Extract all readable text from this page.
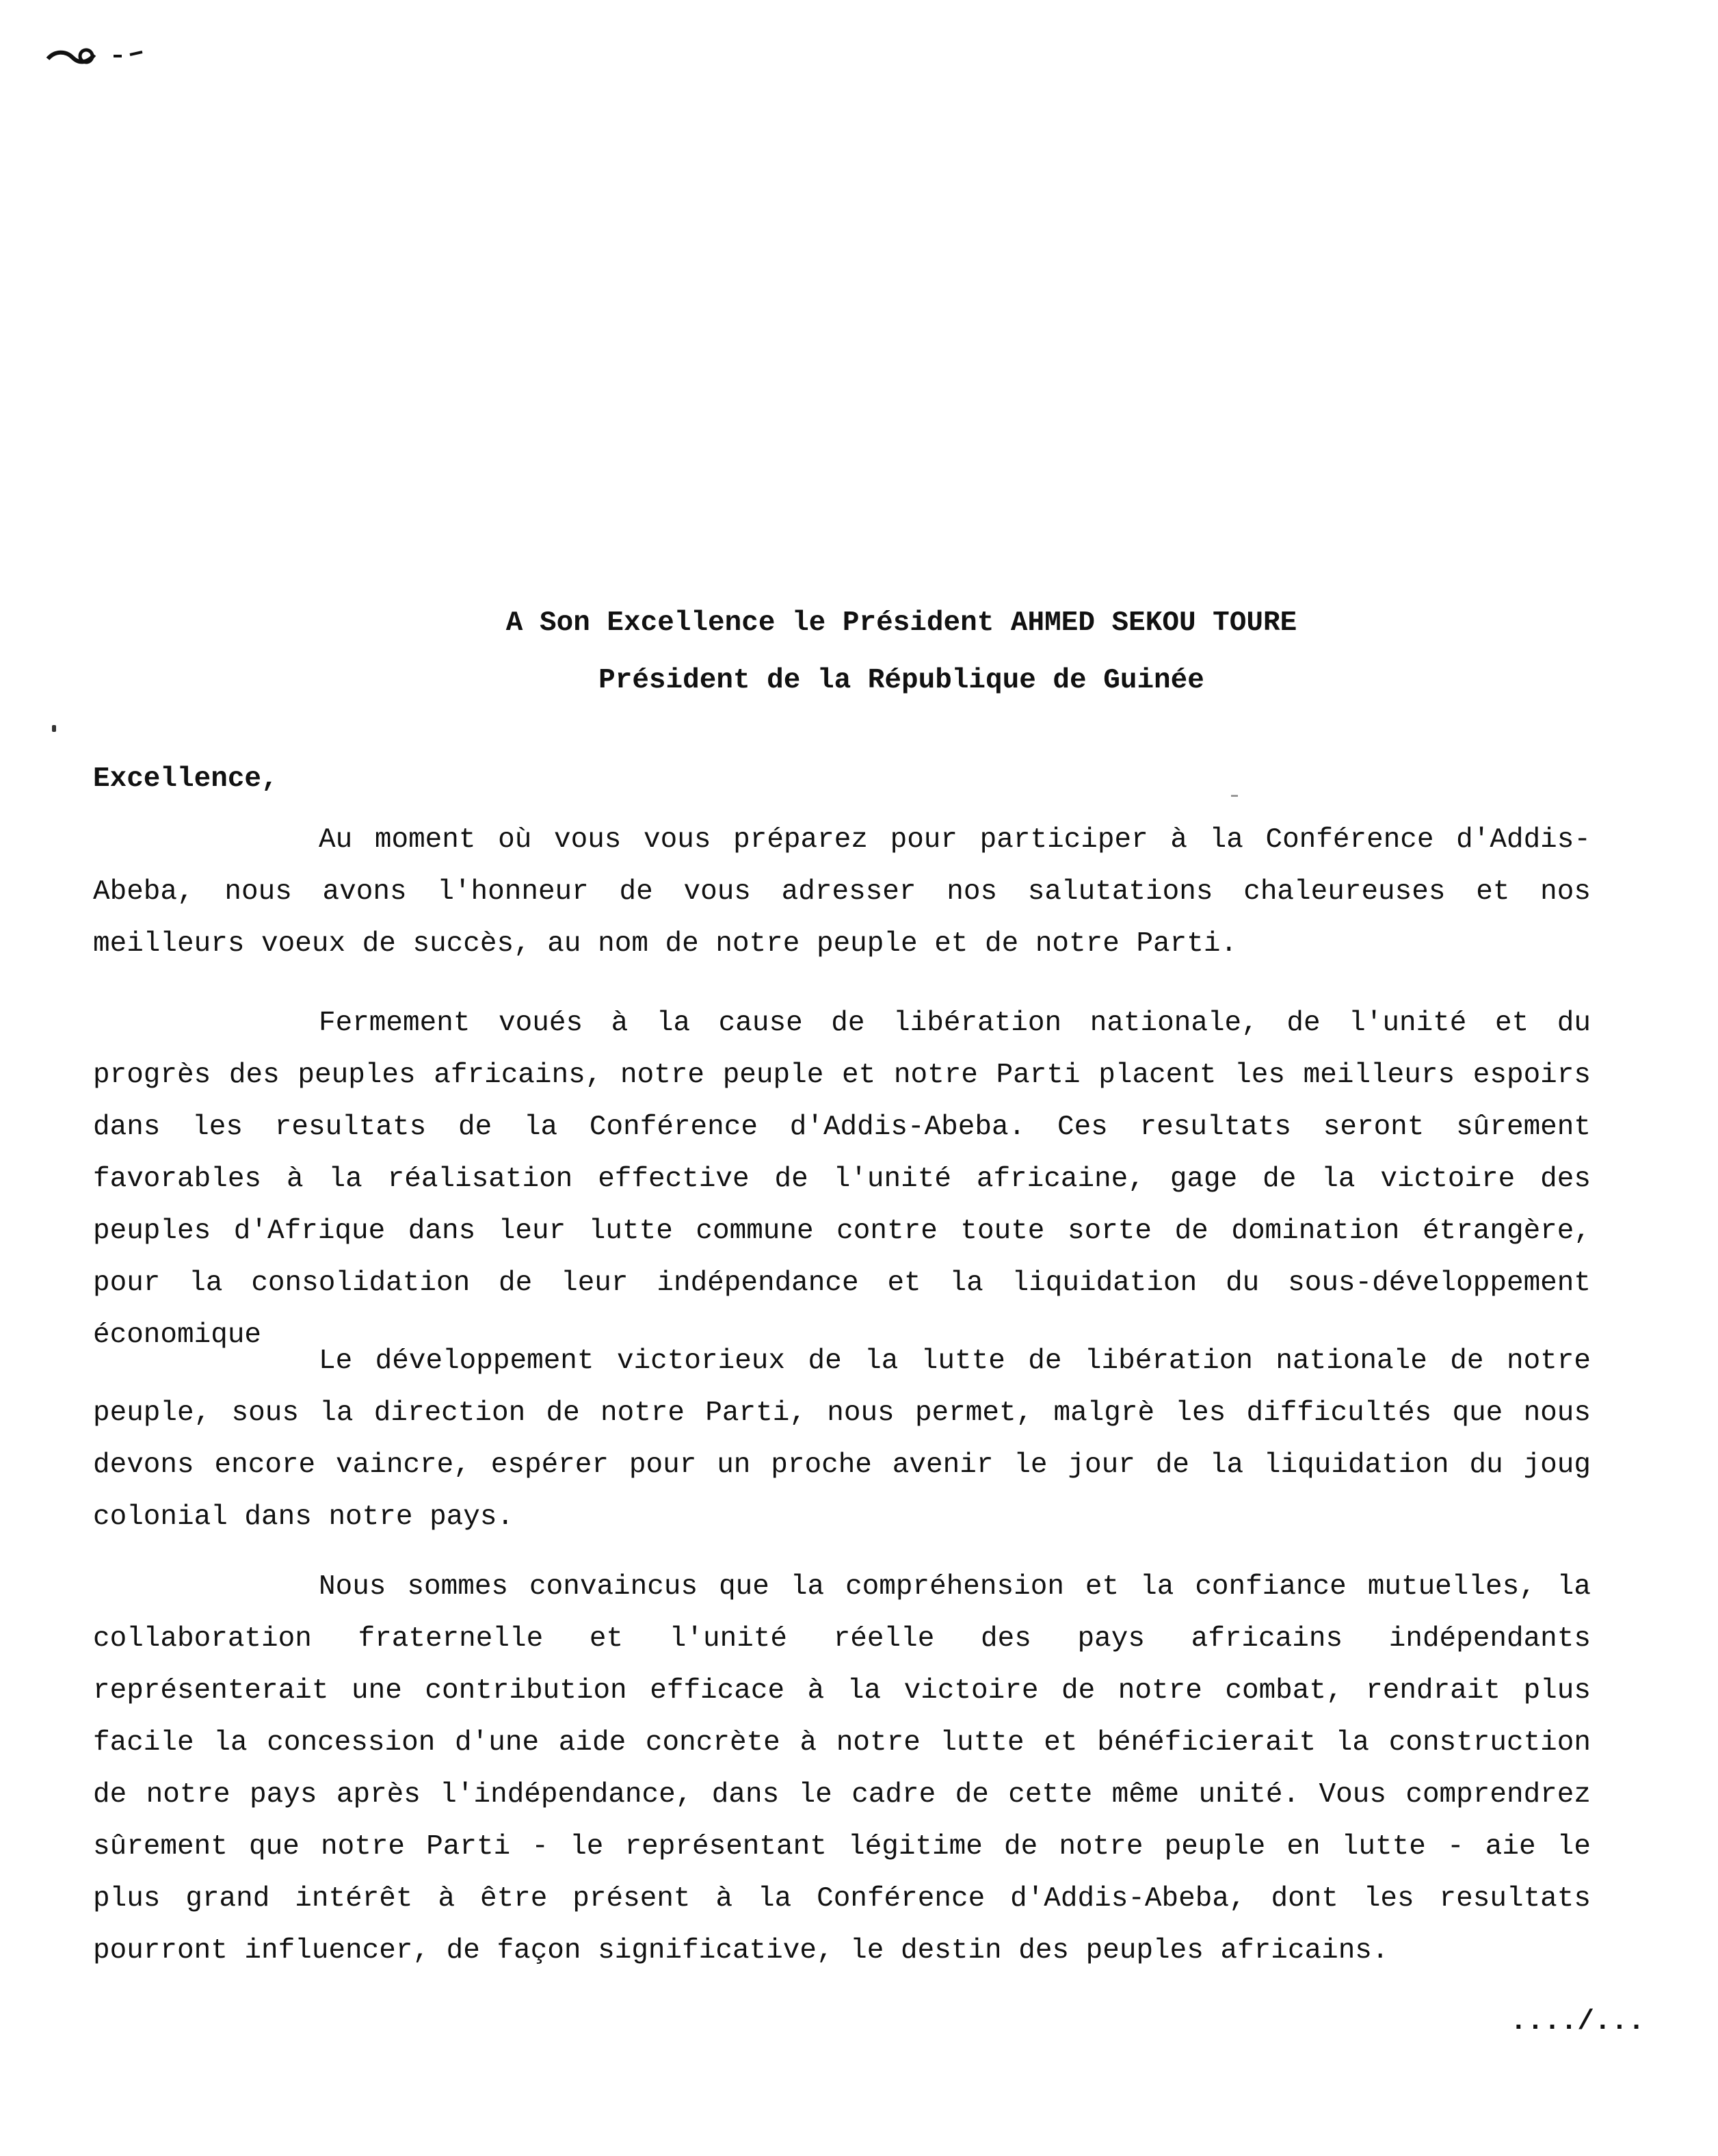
A Son Excellence le Président AHMED SEKOU TOURE
Président de la République de Guinée
Excellence,

Au moment où vous vous préparez pour participer à la Conférence d'Addis-Abeba, nous avons l'honneur de vous adresser nos salutations chaleureuses et nos meilleurs voeux de succès, au nom de notre peuple et de notre Parti.

Fermement voués à la cause de libération nationale, de l'unité et du progrès des peuples africains, notre peuple et notre Parti placent les meilleurs espoirs dans les resultats de la Conférence d'Addis-Abeba. Ces resultats seront sûrement favorables à la réalisation effective de l'unité africaine, gage de la victoire des peuples d'Afrique dans leur lutte commune contre toute sorte de domination étrangère, pour la consolidation de leur indépendance et la liquidation du sous-développement économique

Le développement victorieux de la lutte de libération nationale de notre peuple, sous la direction de notre Parti, nous permet, malgrè les difficultés que nous devons encore vaincre, espérer pour un proche avenir le jour de la liquidation du joug colonial dans notre pays.

Nous sommes convaincus que la compréhension et la confiance mutuelles, la collaboration fraternelle et l'unité réelle des pays africains indépendants représenterait une contribution efficace à la victoire de notre combat, rendrait plus facile la concession d'une aide concrète à notre lutte et bénéficierait la construction de notre pays après l'indépendance, dans le cadre de cette même unité. Vous comprendrez sûrement que notre Parti - le représentant légitime de notre peuple en lutte - aie le plus grand intérêt à être présent à la Conférence d'Addis-Abeba, dont les resultats pourront influencer, de façon significative, le destin des peuples africains.

..../...
